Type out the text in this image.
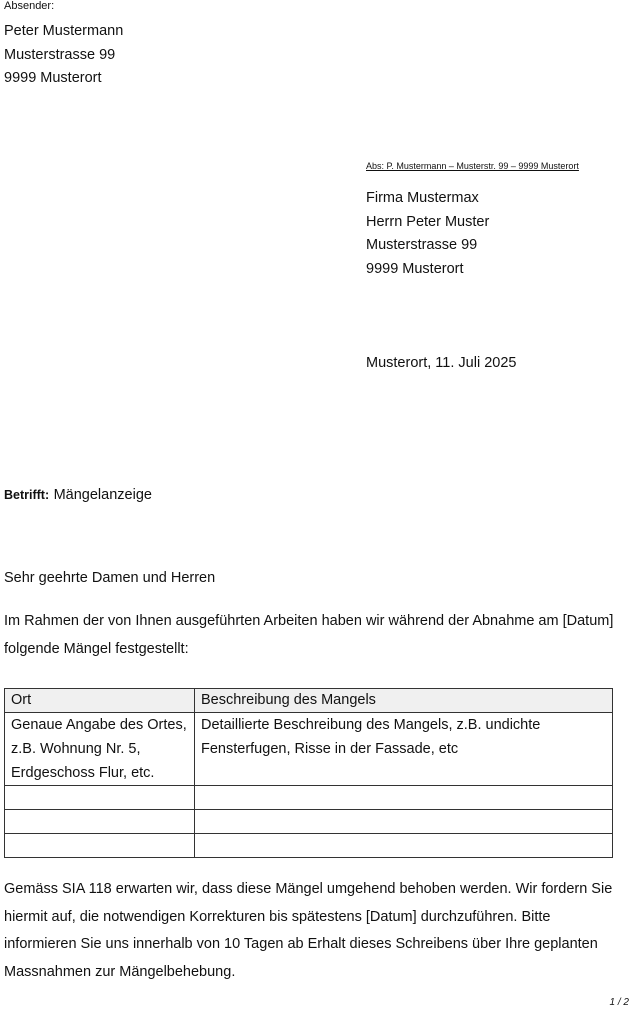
Absender:
Peter Mustermann
Musterstrasse 99
9999 Musterort
Abs: P. Mustermann – Musterstr. 99 – 9999 Musterort
Firma Mustermax
Herrn Peter Muster
Musterstrasse 99
9999 Musterort
Musterort, 11. Juli 2025
Betrifft: Mängelanzeige
Sehr geehrte Damen und Herren
Im Rahmen der von Ihnen ausgeführten Arbeiten haben wir während der Abnahme am [Datum] folgende Mängel festgestellt:
Ort	Beschreibung des Mangels
Genaue Angabe des Ortes, z.B. Wohnung Nr. 5, Erdgeschoss Flur, etc.	Detaillierte Beschreibung des Mangels, z.B. undichte Fensterfugen, Risse in der Fassade, etc

Gemäss SIA 118 erwarten wir, dass diese Mängel umgehend behoben werden. Wir fordern Sie hiermit auf, die notwendigen Korrekturen bis spätestens [Datum] durchzuführen. Bitte informieren Sie uns innerhalb von 10 Tagen ab Erhalt dieses Schreibens über Ihre geplanten Massnahmen zur Mängelbehebung.
1 / 2
